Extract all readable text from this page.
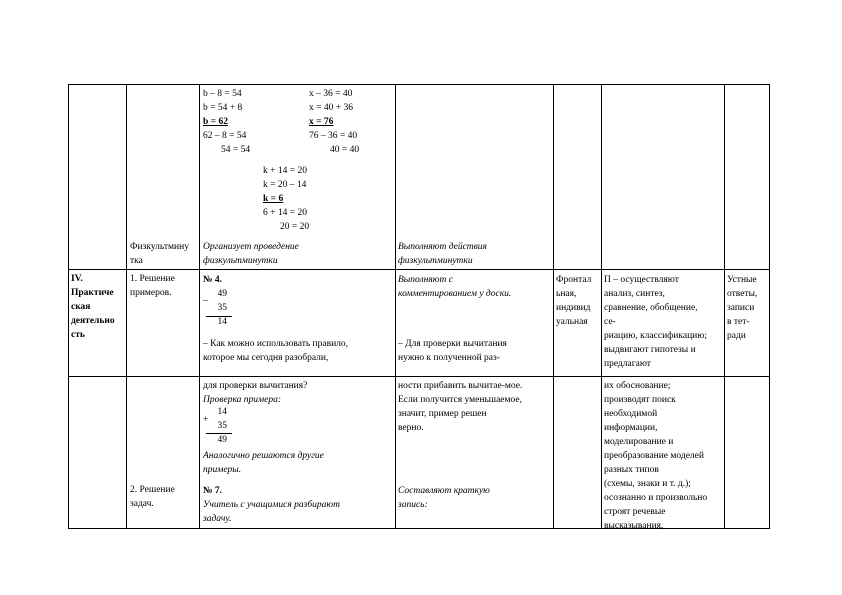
b – 8 = 54
b = 54 + 8
b = 62
62 – 8 = 54
54 = 54
x – 36 = 40
x = 40 + 36
x = 76
76 – 36 = 40
40 = 40
k + 14 = 20
k = 20 – 14
k = 6
6 + 14 = 20
20 = 20
Физкультмину
тка
Организует проведение
физкультминутки
Выполняют действия
физкультминутки
IV.
Практиче
ская
деятельно
сть
1. Решение
примеров.
№ 4.
–
49
35
14
– Как можно использовать правило,
которое мы сегодня разобрали,
Выполняют с
комментированием у доски.
– Для проверки вычитания
нужно к полученной раз-
Фронтал
ьная,
индивид
уальная
П – осуществляют
анализ, синтез,
сравнение, обобщение,
се-
риацию, классификацию;
выдвигают гипотезы и
предлагают
Устные
ответы,
записи
в тет-
ради
для проверки вычитания?
Проверка примера:
+
14
35
49
Аналогично решаются другие
примеры.
2. Решение
задач.
№ 7.
Учитель с учащимися разбирают
задачу.
ности прибавить вычитае-мое.
Если получится уменьшаемое,
значит, пример решен
верно.
Составляют краткую
запись:
их обоснование;
производят поиск
необходимой
информации,
моделирование и
преобразование моделей
разных типов
(схемы, знаки и т. д.);
осознанно и произвольно
строят речевые
высказывания,
